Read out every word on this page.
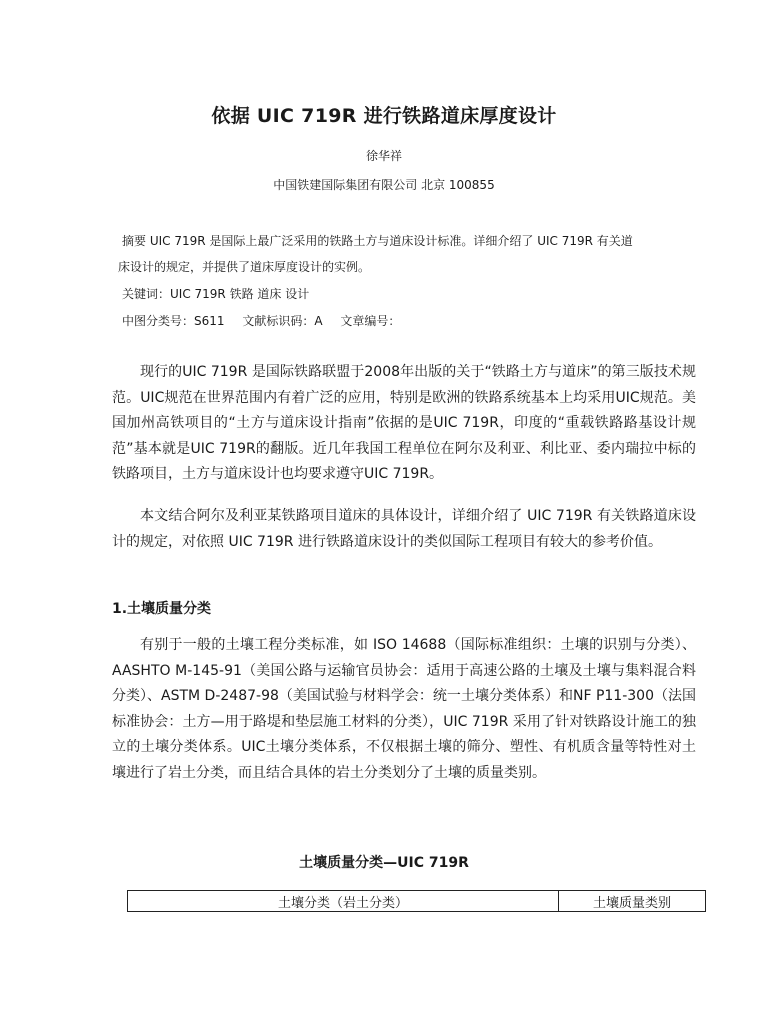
依据 UIC 719R 进行铁路道床厚度设计
徐华祥
中国铁建国际集团有限公司 北京 100855
摘要 UIC 719R 是国际上最广泛采用的铁路土方与道床设计标准。详细介绍了 UIC 719R 有关道
床设计的规定，并提供了道床厚度设计的实例。
关键词：UIC 719R 铁路 道床 设计
中图分类号：S611 文献标识码：A 文章编号：
现行的UIC 719R 是国际铁路联盟于2008年出版的关于“铁路土方与道床”的第三版技术规范。UIC规范在世界范围内有着广泛的应用，特别是欧洲的铁路系统基本上均采用UIC规范。美国加州高铁项目的“土方与道床设计指南”依据的是UIC 719R，印度的“重载铁路路基设计规范”基本就是UIC 719R的翻版。近几年我国工程单位在阿尔及利亚、利比亚、委内瑞拉中标的铁路项目，土方与道床设计也均要求遵守UIC 719R。
本文结合阿尔及利亚某铁路项目道床的具体设计，详细介绍了 UIC 719R 有关铁路道床设计的规定，对依照 UIC 719R 进行铁路道床设计的类似国际工程项目有较大的参考价值。
1.土壤质量分类
有别于一般的土壤工程分类标准，如 ISO 14688（国际标准组织：土壤的识别与分类）、AASHTO M-145-91（美国公路与运输官员协会：适用于高速公路的土壤及土壤与集料混合料分类）、ASTM D-2487-98（美国试验与材料学会：统一土壤分类体系）和NF P11-300（法国标准协会：土方—用于路堤和垫层施工材料的分类），UIC 719R 采用了针对铁路设计施工的独立的土壤分类体系。UIC土壤分类体系，不仅根据土壤的筛分、塑性、有机质含量等特性对土壤进行了岩土分类，而且结合具体的岩土分类划分了土壤的质量类别。
土壤质量分类—UIC 719R
土壤分类（岩土分类）	土壤质量类别
